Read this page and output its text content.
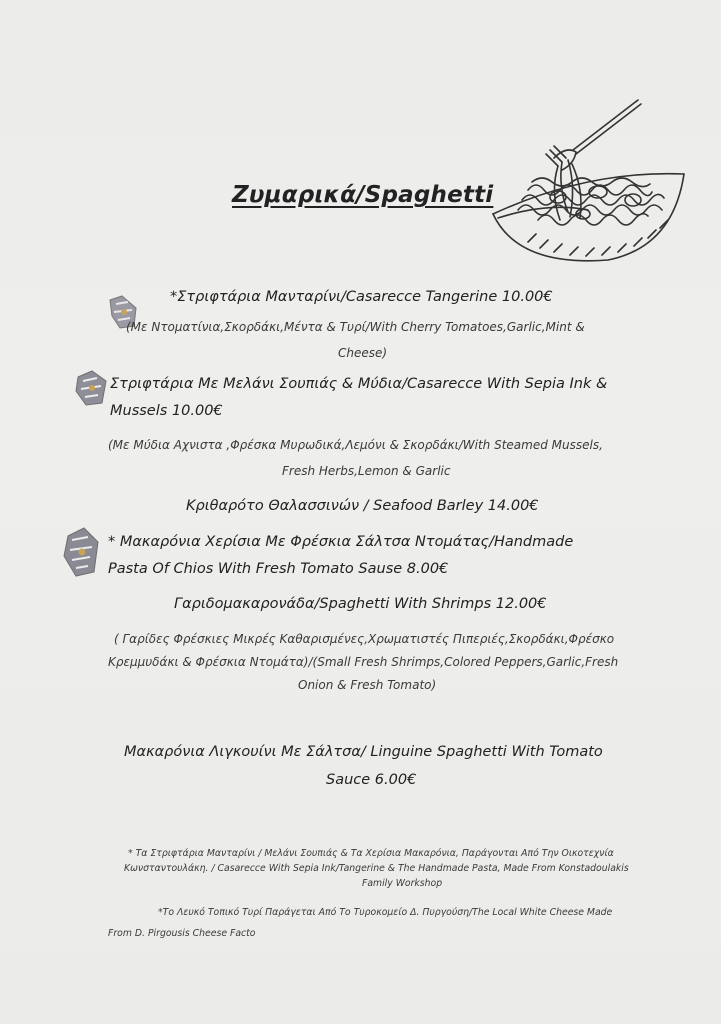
Ζυμαρικά/Spaghetti
*Στριφτάρια Μανταρίνι/Casarecce Tangerine 10.00€
(Με Ντοματίνια,Σκορδάκι,Μέντα & Τυρί/With Cherry Tomatoes,Garlic,Mint &
Cheese)
Στριφτάρια Με Μελάνι Σουπιάς & Μύδια/Casarecce With Sepia Ink &
Mussels 10.00€
(Με Μύδια Αχνιστα ,Φρέσκα Μυρωδικά,Λεμόνι & Σκορδάκι/With Steamed Mussels,
Fresh Herbs,Lemon & Garlic
Κριθαρότο Θαλασσινών / Seafood Barley 14.00€
* Μακαρόνια Χερίσια Με Φρέσκια Σάλτσα Ντομάτας/Handmade
Pasta Of Chios With Fresh Tomato Sause 8.00€
Γαριδομακαρονάδα/Spaghetti With Shrimps 12.00€
( Γαρίδες Φρέσκιες Μικρές Καθαρισμένες,Χρωματιστές Πιπεριές,Σκορδάκι,Φρέσκο
Κρεμμυδάκι & Φρέσκια Ντομάτα)/(Small Fresh Shrimps,Colored Peppers,Garlic,Fresh
Onion & Fresh Tomato)
Μακαρόνια Λιγκουίνι Με Σάλτσα/ Linguine Spaghetti With Tomato
Sauce 6.00€
* Τα Στριφτάρια Μανταρίνι / Μελάνι Σουπιάς & Τα Χερίσια Μακαρόνια, Παράγονται Από Την Οικοτεχνία
Κωνσταντουλάκη. / Casarecce With Sepia Ink/Tangerine & The Handmade Pasta, Made From Konstadoulakis
Family Workshop
*Το Λευκό Τοπικό Τυρί Παράγεται Από Το Τυροκομείο Δ. Πυργούση/The Local White Cheese Made
From D. Pirgousis Cheese Facto
